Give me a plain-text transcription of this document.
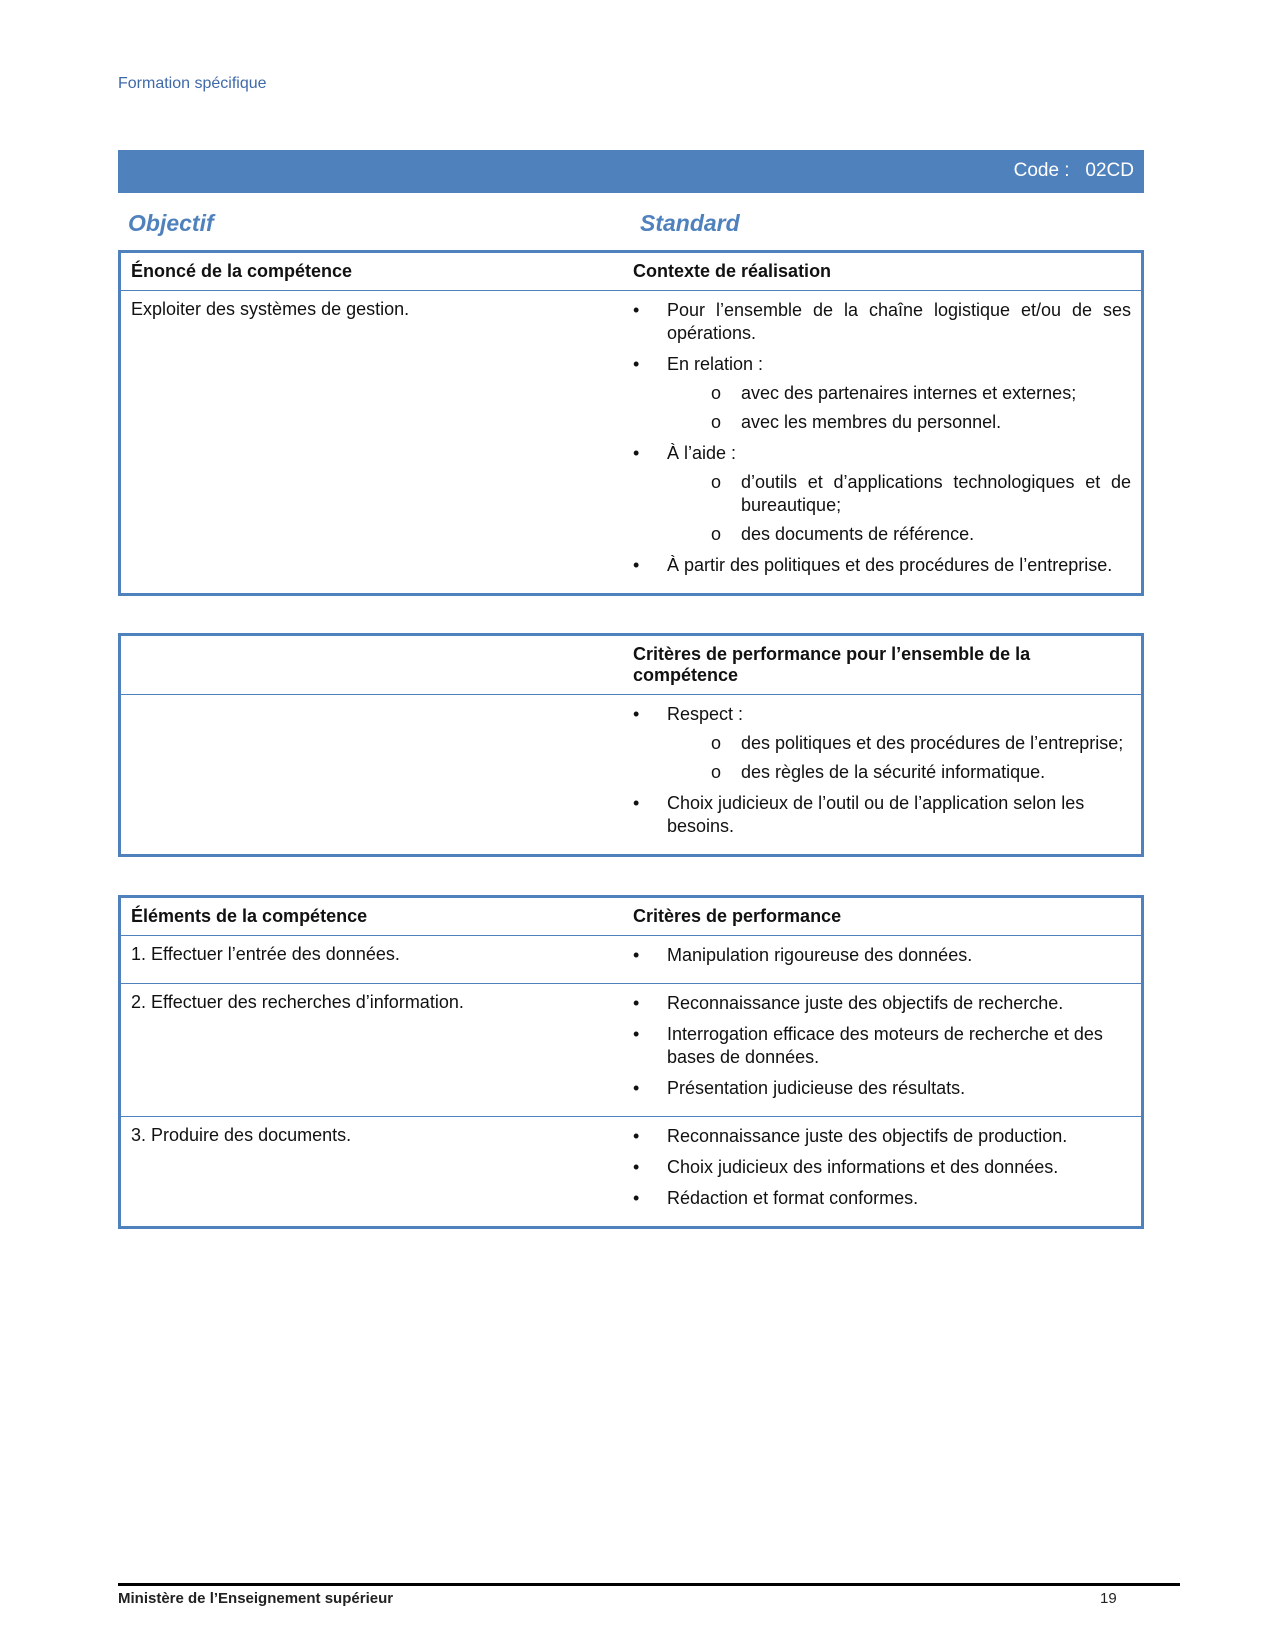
Formation spécifique
Code :   02CD
Objectif	Standard
Énoncé de la compétence	Contexte de réalisation
Exploiter des systèmes de gestion.	• Pour l’ensemble de la chaîne logistique et/ou de ses opérations.
• En relation :
o avec des partenaires internes et externes;
o avec les membres du personnel.
• À l’aide :
o d’outils et d’applications technologiques et de bureautique;
o des documents de référence.
• À partir des politiques et des procédures de l’entreprise.
Critères de performance pour l’ensemble de la compétence
• Respect :
o des politiques et des procédures de l’entreprise;
o des règles de la sécurité informatique.
• Choix judicieux de l’outil ou de l’application selon les besoins.
Éléments de la compétence	Critères de performance
1. Effectuer l’entrée des données.	• Manipulation rigoureuse des données.
2. Effectuer des recherches d’information.	• Reconnaissance juste des objectifs de recherche.
• Interrogation efficace des moteurs de recherche et des bases de données.
• Présentation judicieuse des résultats.
3. Produire des documents.	• Reconnaissance juste des objectifs de production.
• Choix judicieux des informations et des données.
• Rédaction et format conformes.
Ministère de l’Enseignement supérieur	19
